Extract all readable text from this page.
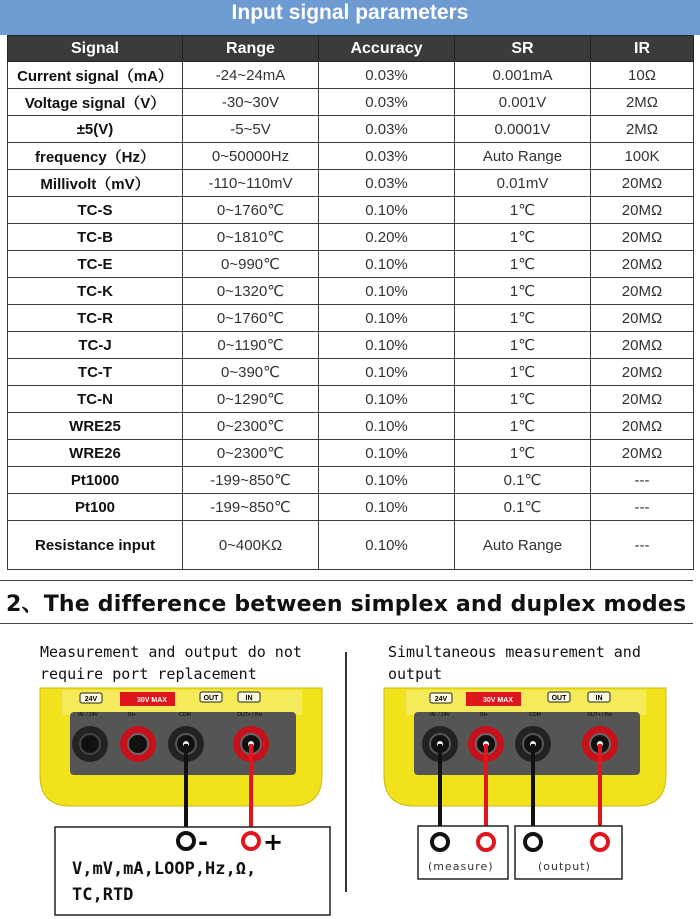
Input signal parameters
Signal	Range	Accuracy	SR	IR
Current signal（mA）	-24~24mA	0.03%	0.001mA	10Ω
Voltage signal（V）	-30~30V	0.03%	0.001V	2MΩ
±5(V)	-5~5V	0.03%	0.0001V	2MΩ
frequency（Hz）	0~50000Hz	0.03%	Auto Range	100K
Millivolt（mV）	-110~110mV	0.03%	0.01mV	20MΩ
TC-S	0~1760℃	0.10%	1℃	20MΩ
TC-B	0~1810℃	0.20%	1℃	20MΩ
TC-E	0~990℃	0.10%	1℃	20MΩ
TC-K	0~1320℃	0.10%	1℃	20MΩ
TC-R	0~1760℃	0.10%	1℃	20MΩ
TC-J	0~1190℃	0.10%	1℃	20MΩ
TC-T	0~390℃	0.10%	1℃	20MΩ
TC-N	0~1290℃	0.10%	1℃	20MΩ
WRE25	0~2300℃	0.10%	1℃	20MΩ
WRE26	0~2300℃	0.10%	1℃	20MΩ
Pt1000	-199~850℃	0.10%	0.1℃	---
Pt100	-199~850℃	0.10%	0.1℃	---
Resistance input	0~400KΩ	0.10%	Auto Range	---
2、The difference between simplex and duplex modes
Measurement and output do not
require port replacement
Simultaneous measurement and
output
24V	30V MAX	OUT	IN
IN- / 24V	IN+	COM	OUT+ / IN+
- +
24V	30V MAX	OUT	IN
IN- / 24V	IN+	COM	OUT+ / IN+
V,mV,mA,LOOP,Hz,Ω,
TC,RTD
(measure)	(output)
